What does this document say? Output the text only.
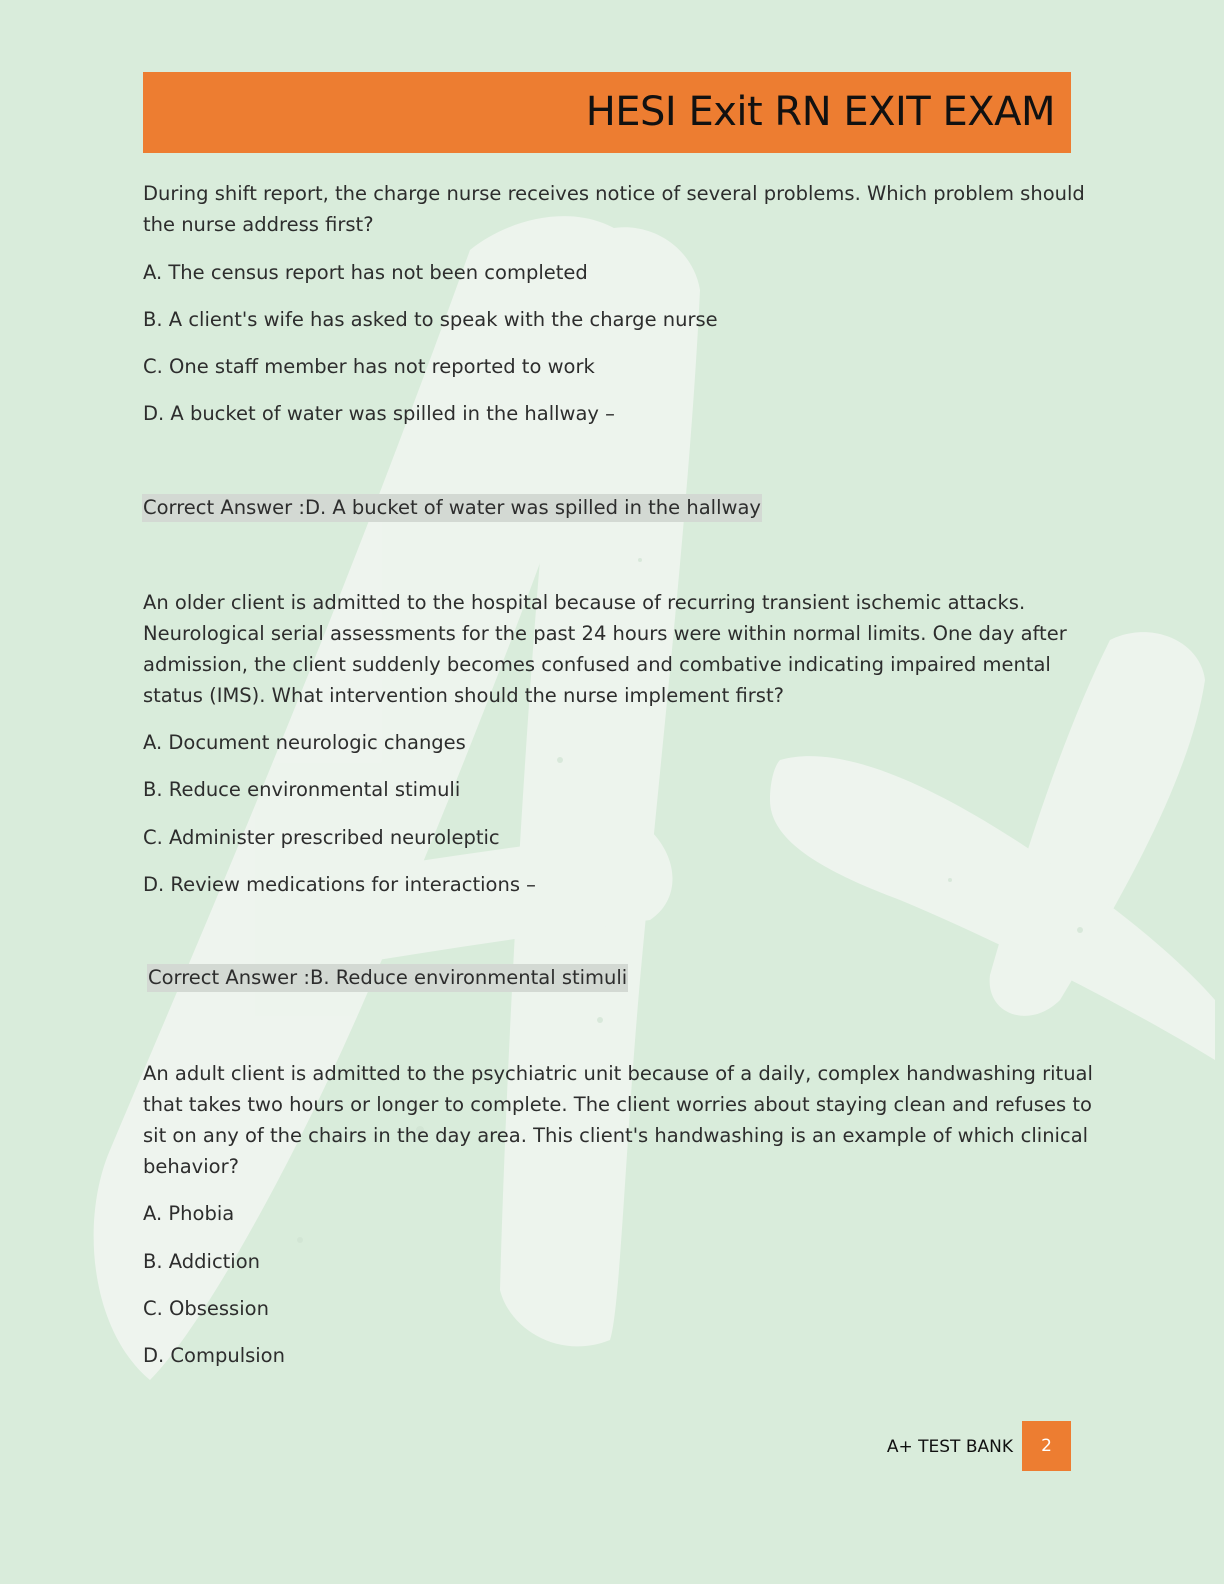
HESI Exit RN EXIT EXAM
During shift report, the charge nurse receives notice of several problems. Which problem should
the nurse address first?
A. The census report has not been completed
B. A client's wife has asked to speak with the charge nurse
C. One staff member has not reported to work
D. A bucket of water was spilled in the hallway –
Correct Answer :D. A bucket of water was spilled in the hallway
An older client is admitted to the hospital because of recurring transient ischemic attacks.
Neurological serial assessments for the past 24 hours were within normal limits. One day after
admission, the client suddenly becomes confused and combative indicating impaired mental
status (IMS). What intervention should the nurse implement first?
A. Document neurologic changes
B. Reduce environmental stimuli
C. Administer prescribed neuroleptic
D. Review medications for interactions –
Correct Answer :B. Reduce environmental stimuli
An adult client is admitted to the psychiatric unit because of a daily, complex handwashing ritual
that takes two hours or longer to complete. The client worries about staying clean and refuses to
sit on any of the chairs in the day area. This client's handwashing is an example of which clinical
behavior?
A. Phobia
B. Addiction
C. Obsession
D. Compulsion
A+ TEST BANK	2
